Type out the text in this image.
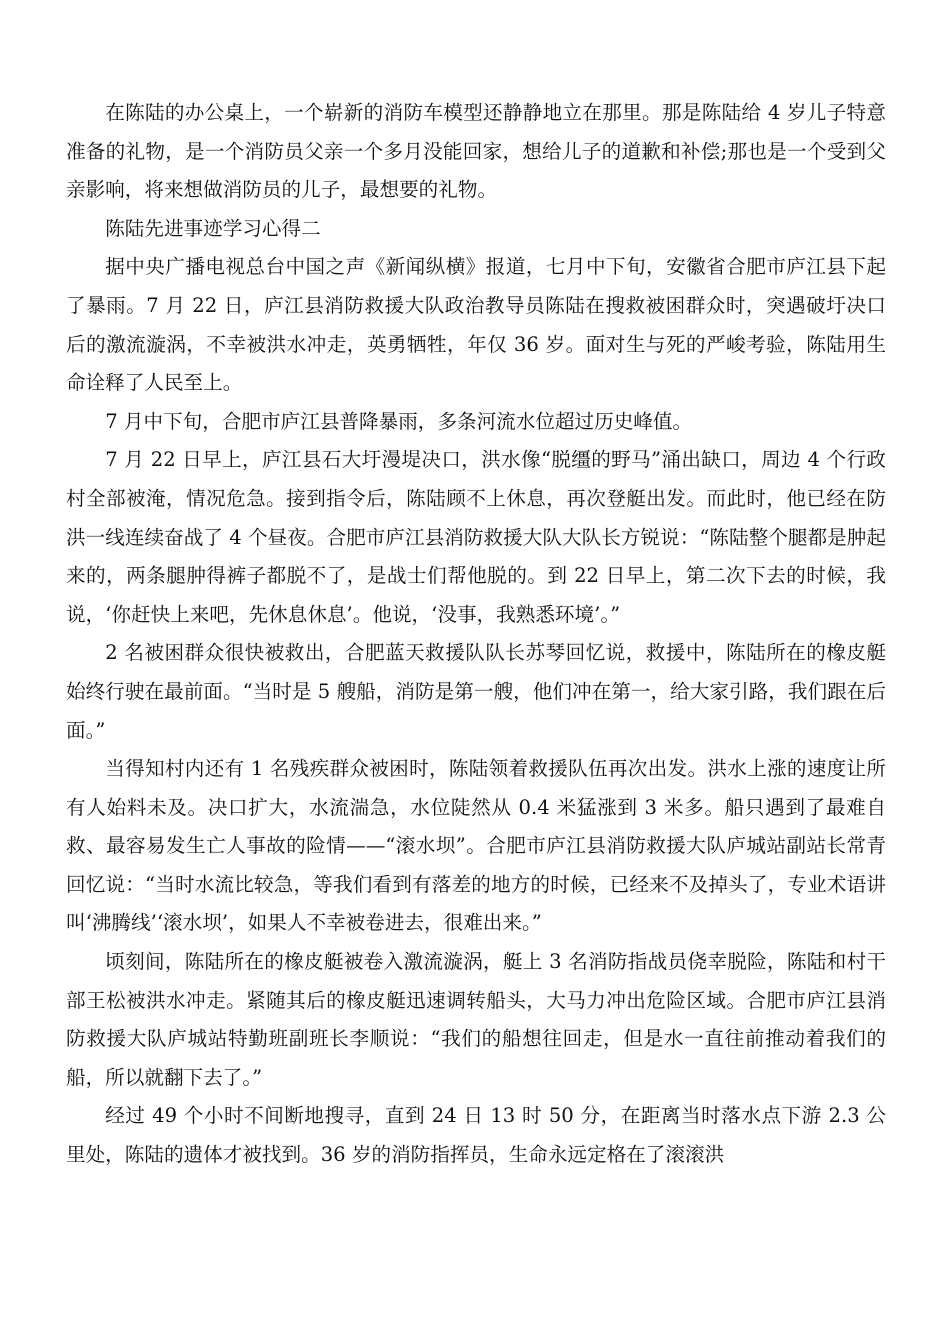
在陈陆的办公桌上，一个崭新的消防车模型还静静地立在那里。那是陈陆给 4 岁儿子特意准备的礼物，是一个消防员父亲一个多月没能回家，想给儿子的道歉和补偿;那也是一个受到父亲影响，将来想做消防员的儿子，最想要的礼物。

陈陆先进事迹学习心得二

据中央广播电视总台中国之声《新闻纵横》报道，七月中下旬，安徽省合肥市庐江县下起了暴雨。7 月 22 日，庐江县消防救援大队政治教导员陈陆在搜救被困群众时，突遇破圩决口后的激流漩涡，不幸被洪水冲走，英勇牺牲，年仅 36 岁。面对生与死的严峻考验，陈陆用生命诠释了人民至上。

7 月中下旬，合肥市庐江县普降暴雨，多条河流水位超过历史峰值。

7 月 22 日早上，庐江县石大圩漫堤决口，洪水像“脱缰的野马”涌出缺口，周边 4 个行政村全部被淹，情况危急。接到指令后，陈陆顾不上休息，再次登艇出发。而此时，他已经在防洪一线连续奋战了 4 个昼夜。合肥市庐江县消防救援大队大队长方锐说：“陈陆整个腿都是肿起来的，两条腿肿得裤子都脱不了，是战士们帮他脱的。到 22 日早上，第二次下去的时候，我说，‘你赶快上来吧，先休息休息’。他说，‘没事，我熟悉环境’。”

2 名被困群众很快被救出，合肥蓝天救援队队长苏琴回忆说，救援中，陈陆所在的橡皮艇始终行驶在最前面。“当时是 5 艘船，消防是第一艘，他们冲在第一，给大家引路，我们跟在后面。”

当得知村内还有 1 名残疾群众被困时，陈陆领着救援队伍再次出发。洪水上涨的速度让所有人始料未及。决口扩大，水流湍急，水位陡然从 0.4 米猛涨到 3 米多。船只遇到了最难自救、最容易发生亡人事故的险情——“滚水坝”。合肥市庐江县消防救援大队庐城站副站长常青回忆说：“当时水流比较急，等我们看到有落差的地方的时候，已经来不及掉头了，专业术语讲叫‘沸腾线’‘滚水坝’，如果人不幸被卷进去，很难出来。”

顷刻间，陈陆所在的橡皮艇被卷入激流漩涡，艇上 3 名消防指战员侥幸脱险，陈陆和村干部王松被洪水冲走。紧随其后的橡皮艇迅速调转船头，大马力冲出危险区域。合肥市庐江县消防救援大队庐城站特勤班副班长李顺说：“我们的船想往回走，但是水一直往前推动着我们的船，所以就翻下去了。”

经过 49 个小时不间断地搜寻，直到 24 日 13 时 50 分，在距离当时落水点下游 2.3 公里处，陈陆的遗体才被找到。36 岁的消防指挥员，生命永远定格在了滚滚洪
